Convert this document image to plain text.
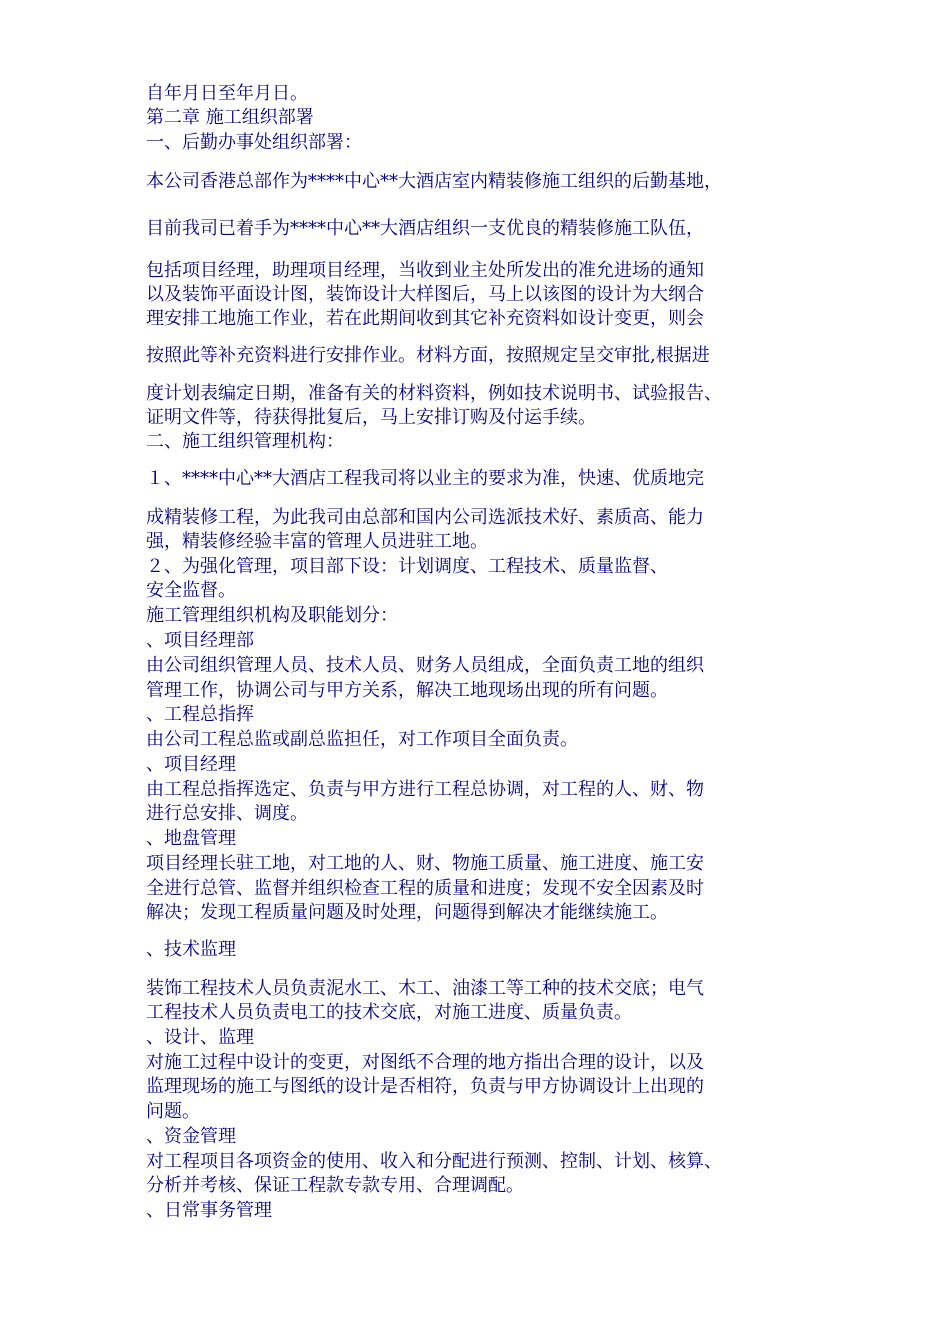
自年月日至年月日。
第二章 施工组织部署
一、后勤办事处组织部署：
本公司香港总部作为****中心**大酒店室内精装修施工组织的后勤基地，
目前我司已着手为****中心**大酒店组织一支优良的精装修施工队伍，
包括项目经理，助理项目经理，当收到业主处所发出的准允进场的通知
以及装饰平面设计图，装饰设计大样图后，马上以该图的设计为大纲合
理安排工地施工作业，若在此期间收到其它补充资料如设计变更，则会
按照此等补充资料进行安排作业。材料方面，按照规定呈交审批,根据进
度计划表编定日期，准备有关的材料资料，例如技术说明书、试验报告、
证明文件等，待获得批复后，马上安排订购及付运手续。
二、施工组织管理机构：
１、****中心**大酒店工程我司将以业主的要求为准，快速、优质地完
成精装修工程，为此我司由总部和国内公司选派技术好、素质高、能力
强，精装修经验丰富的管理人员进驻工地。
２、为强化管理，项目部下设：计划调度、工程技术、质量监督、
安全监督。
施工管理组织机构及职能划分：
、项目经理部
由公司组织管理人员、技术人员、财务人员组成，全面负责工地的组织
管理工作，协调公司与甲方关系，解决工地现场出现的所有问题。
、工程总指挥
由公司工程总监或副总监担任，对工作项目全面负责。
、项目经理
由工程总指挥选定、负责与甲方进行工程总协调，对工程的人、财、物
进行总安排、调度。
、地盘管理
项目经理长驻工地，对工地的人、财、物施工质量、施工进度、施工安
全进行总管、监督并组织检查工程的质量和进度；发现不安全因素及时
解决；发现工程质量问题及时处理，问题得到解决才能继续施工。
、技术监理
装饰工程技术人员负责泥水工、木工、油漆工等工种的技术交底；电气
工程技术人员负责电工的技术交底，对施工进度、质量负责。
、设计、监理
对施工过程中设计的变更，对图纸不合理的地方指出合理的设计，以及
监理现场的施工与图纸的设计是否相符，负责与甲方协调设计上出现的
问题。
、资金管理
对工程项目各项资金的使用、收入和分配进行预测、控制、计划、核算、
分析并考核、保证工程款专款专用、合理调配。
、日常事务管理
